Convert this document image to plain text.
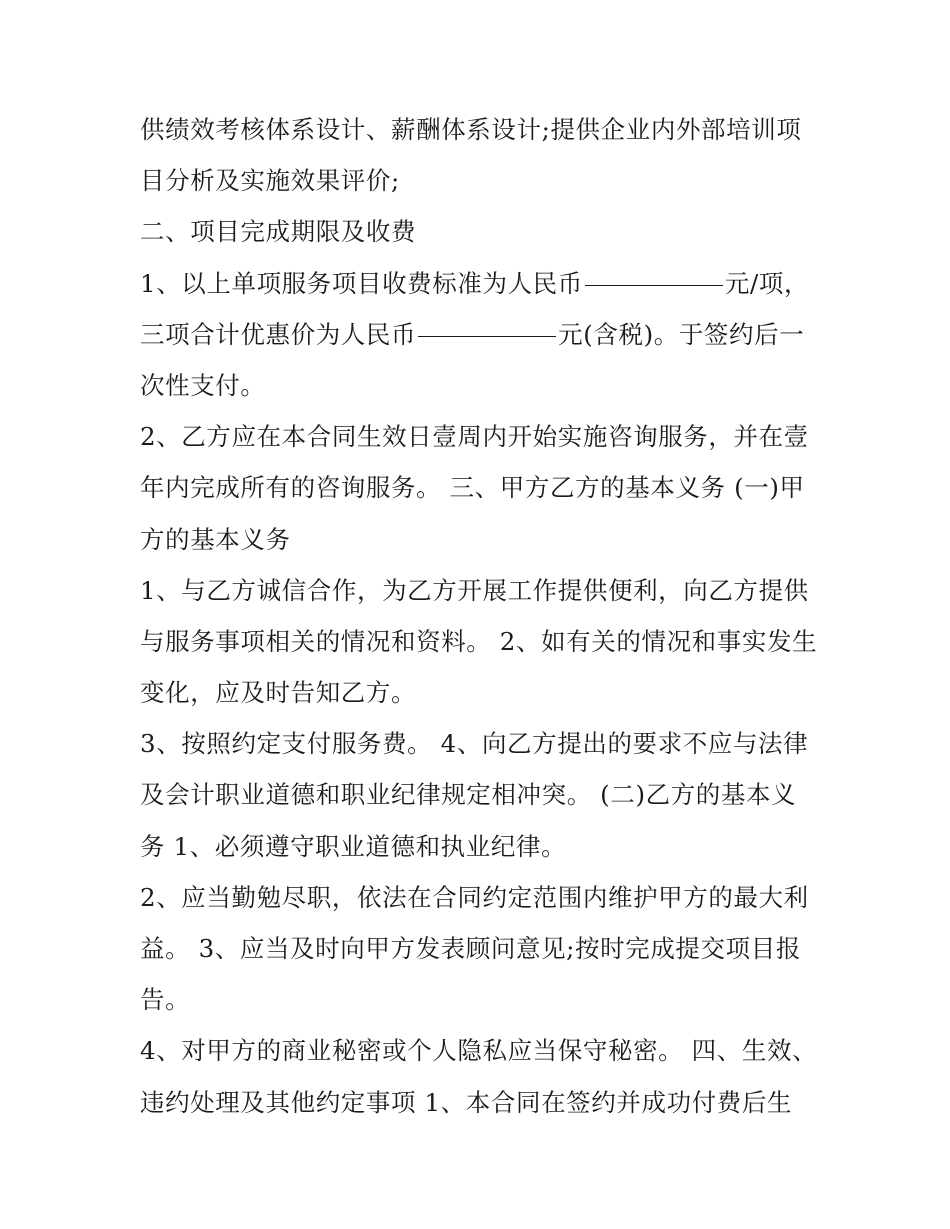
供绩效考核体系设计、薪酬体系设计;提供企业内外部培训项
目分析及实施效果评价;
二、项目完成期限及收费
1、以上单项服务项目收费标准为人民币	元/项，
三项合计优惠价为人民币	元(含税)。于签约后一
次性支付。
2、乙方应在本合同生效日壹周内开始实施咨询服务，并在壹
年内完成所有的咨询服务。 三、甲方乙方的基本义务 (一)甲
方的基本义务
1、与乙方诚信合作，为乙方开展工作提供便利，向乙方提供
与服务事项相关的情况和资料。 2、如有关的情况和事实发生
变化，应及时告知乙方。
3、按照约定支付服务费。 4、向乙方提出的要求不应与法律
及会计职业道德和职业纪律规定相冲突。 (二)乙方的基本义
务 1、必须遵守职业道德和执业纪律。
2、应当勤勉尽职，依法在合同约定范围内维护甲方的最大利
益。 3、应当及时向甲方发表顾问意见;按时完成提交项目报
告。
4、对甲方的商业秘密或个人隐私应当保守秘密。 四、生效、
违约处理及其他约定事项 1、本合同在签约并成功付费后生
